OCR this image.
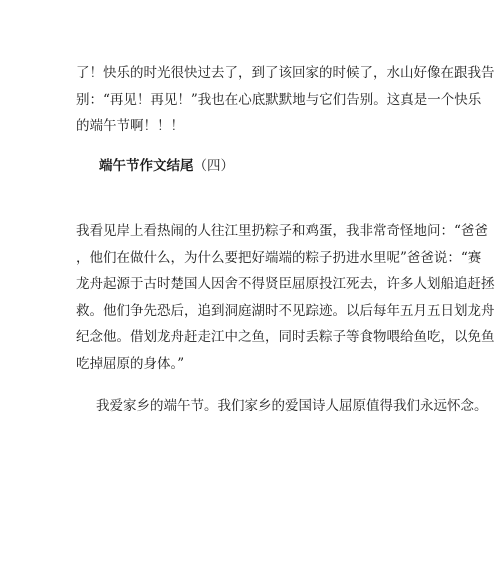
了！快乐的时光很快过去了，到了该回家的时候了，水山好像在跟我告
别：“再见！再见！”我也在心底默默地与它们告别。这真是一个快乐
的端午节啊！！！
端午节作文结尾（四）
我看见岸上看热闹的人往江里扔粽子和鸡蛋，我非常奇怪地问：“爸爸
，他们在做什么，为什么要把好端端的粽子扔进水里呢”爸爸说：“赛
龙舟起源于古时楚国人因舍不得贤臣屈原投江死去，许多人划船追赶拯
救。他们争先恐后，追到洞庭湖时不见踪迹。以后每年五月五日划龙舟
纪念他。借划龙舟赶走江中之鱼，同时丢粽子等食物喂给鱼吃，以免鱼
吃掉屈原的身体。”
我爱家乡的端午节。我们家乡的爱国诗人屈原值得我们永远怀念。
